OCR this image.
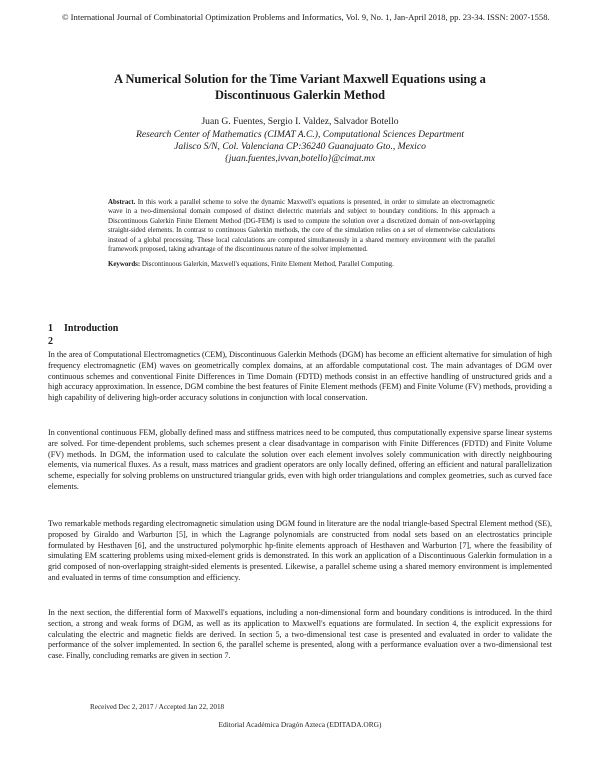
© International Journal of Combinatorial Optimization Problems and Informatics, Vol. 9, No. 1, Jan-April 2018, pp. 23-34. ISSN: 2007-1558.
A Numerical Solution for the Time Variant Maxwell Equations using a
Discontinuous Galerkin Method
Juan G. Fuentes, Sergio I. Valdez, Salvador Botello
Research Center of Mathematics (CIMAT A.C.), Computational Sciences Department
Jalisco S/N, Col. Valenciana CP:36240 Guanajuato Gto., Mexico
{juan.fuentes,ivvan,botello}@cimat.mx
Abstract. In this work a parallel scheme to solve the dynamic Maxwell's equations is presented, in order to simulate an electromagnetic wave in a two-dimensional domain composed of distinct dielectric materials and subject to boundary conditions. In this approach a Discontinuous Galerkin Finite Element Method (DG-FEM) is used to compute the solution over a discretized domain of non-overlapping straight-sided elements. In contrast to continuous Galerkin methods, the core of the simulation relies on a set of elementwise calculations instead of a global processing. These local calculations are computed simultaneously in a shared memory environment with the parallel framework proposed, taking advantage of the discontinuous nature of the solver implemented.
Keywords: Discontinuous Galerkin, Maxwell's equations, Finite Element Method, Parallel Computing.
1 Introduction
2

In the area of Computational Electromagnetics (CEM), Discontinuous Galerkin Methods (DGM) has become an efficient alternative for simulation of high frequency electromagnetic (EM) waves on geometrically complex domains, at an affordable computational cost. The main advantages of DGM over continuous schemes and conventional Finite Differences in Time Domain (FDTD) methods consist in an effective handling of unstructured grids and a high accuracy approximation. In essence, DGM combine the best features of Finite Element methods (FEM) and Finite Volume (FV) methods, providing a high capability of delivering high-order accuracy solutions in conjunction with local conservation.

In conventional continuous FEM, globally defined mass and stiffness matrices need to be computed, thus computationally expensive sparse linear systems are solved. For time-dependent problems, such schemes present a clear disadvantage in comparison with Finite Differences (FDTD) and Finite Volume (FV) methods. In DGM, the information used to calculate the solution over each element involves solely communication with directly neighbouring elements, via numerical fluxes. As a result, mass matrices and gradient operators are only locally defined, offering an efficient and natural parallelization scheme, especially for solving problems on unstructured triangular grids, even with high order triangulations and complex geometries, such as curved face elements.

Two remarkable methods regarding electromagnetic simulation using DGM found in literature are the nodal triangle-based Spectral Element method (SE), proposed by Giraldo and Warburton [5], in which the Lagrange polynomials are constructed from nodal sets based on an electrostatics principle formulated by Hesthaven [6], and the unstructured polymorphic hp-finite elements approach of Hesthaven and Warburton [7], where the feasibility of simulating EM scattering problems using mixed-element grids is demonstrated. In this work an application of a Discontinuous Galerkin formulation in a grid composed of non-overlapping straight-sided elements is presented. Likewise, a parallel scheme using a shared memory environment is implemented and evaluated in terms of time consumption and efficiency.

In the next section, the differential form of Maxwell's equations, including a non-dimensional form and boundary conditions is introduced. In the third section, a strong and weak forms of DGM, as well as its application to Maxwell's equations are formulated. In section 4, the explicit expressions for calculating the electric and magnetic fields are derived. In section 5, a two-dimensional test case is presented and evaluated in order to validate the performance of the solver implemented. In section 6, the parallel scheme is presented, along with a performance evaluation over a two-dimensional test case. Finally, concluding remarks are given in section 7.

Received Dec 2, 2017 / Accepted Jan 22, 2018
Editorial Académica Dragón Azteca (EDITADA.ORG)
